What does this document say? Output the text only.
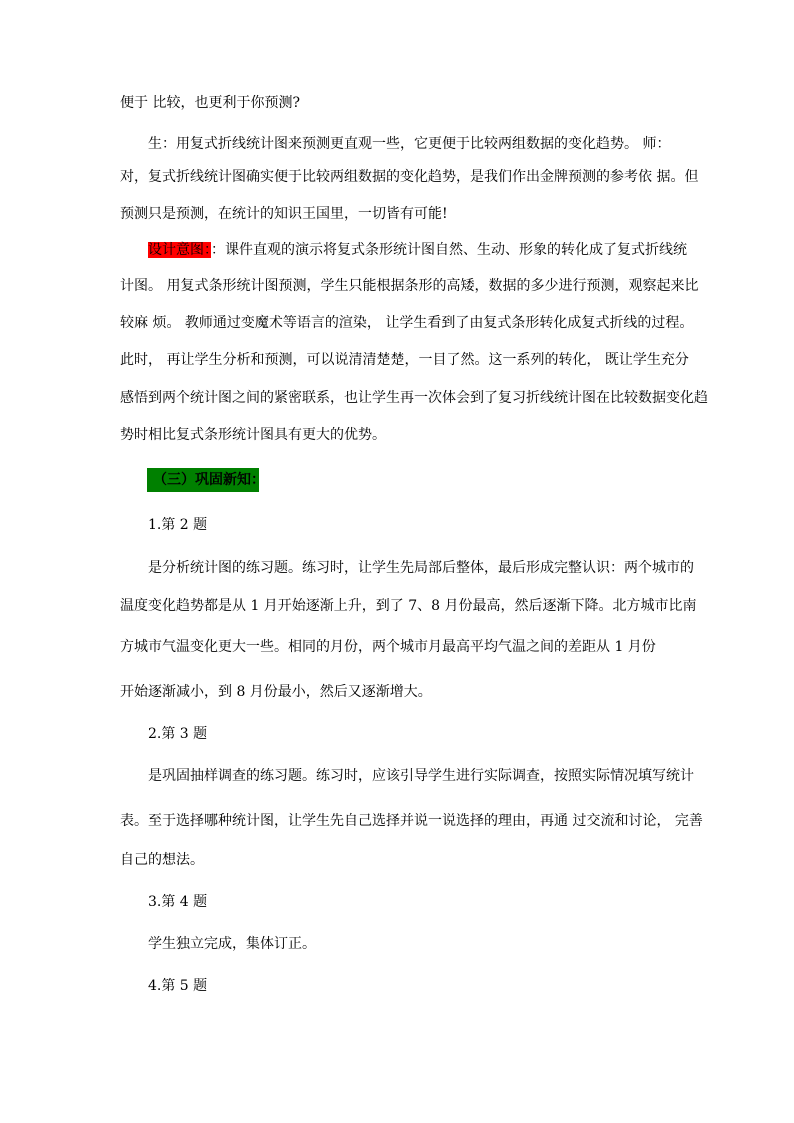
便于 比较，也更利于你预测?
生：用复式折线统计图来预测更直观一些，它更便于比较两组数据的变化趋势。 师：
对，复式折线统计图确实便于比较两组数据的变化趋势，是我们作出金牌预测的参考依 据。但
预测只是预测，在统计的知识王国里，一切皆有可能!
设计意图：：课件直观的演示将复式条形统计图自然、生动、形象的转化成了复式折线统
计图。 用复式条形统计图预测，学生只能根据条形的高矮，数据的多少进行预测，观察起来比
较麻 烦。 教师通过变魔术等语言的渲染， 让学生看到了由复式条形转化成复式折线的过程。
此时， 再让学生分析和预测，可以说清清楚楚，一目了然。这一系列的转化， 既让学生充分
感悟到两个统计图之间的紧密联系，也让学生再一次体会到了复习折线统计图在比较数据变化趋
势时相比复式条形统计图具有更大的优势。
（三）巩固新知：
1.第 2 题
是分析统计图的练习题。练习时，让学生先局部后整体，最后形成完整认识：两个城市的
温度变化趋势都是从 1 月开始逐渐上升，到了 7、8 月份最高，然后逐渐下降。北方城市比南
方城市气温变化更大一些。相同的月份，两个城市月最高平均气温之间的差距从 1 月份
开始逐渐减小，到 8 月份最小，然后又逐渐增大。
2.第 3 题
是巩固抽样调查的练习题。练习时，应该引导学生进行实际调查，按照实际情况填写统计
表。至于选择哪种统计图，让学生先自己选择并说一说选择的理由，再通 过交流和讨论， 完善
自己的想法。
3.第 4 题
学生独立完成，集体订正。
4.第 5 题
